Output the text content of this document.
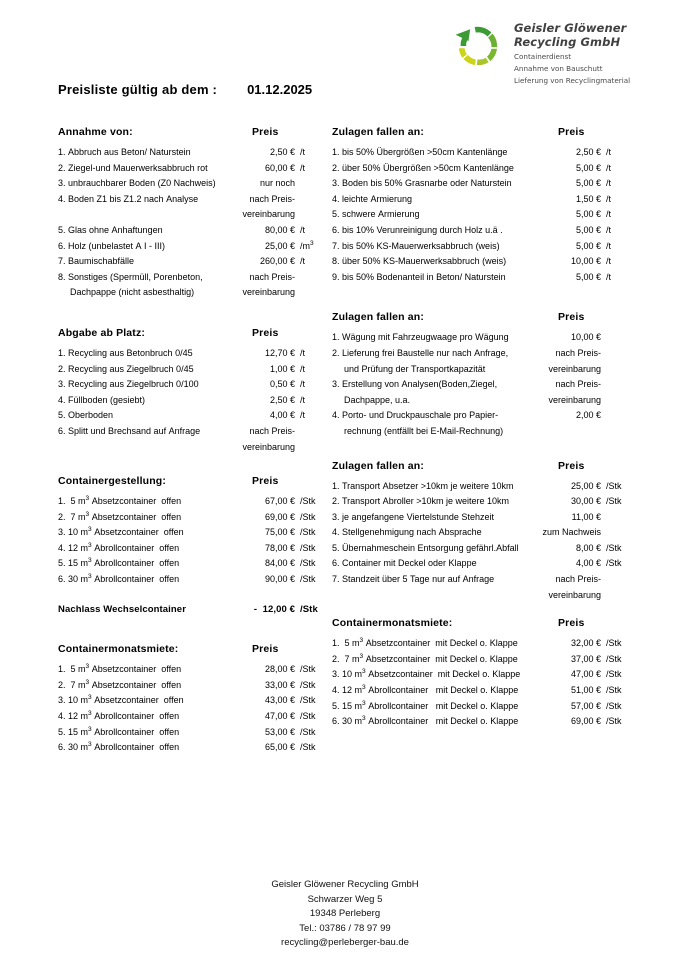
Geisler Glöwener
Recycling GmbH
Containerdienst
Annahme von Bauschutt
Lieferung von Recyclingmaterial
Preisliste gültig ab dem : 01.12.2025
Annahme von:	Preis
1. Abbruch aus Beton/ Naturstein	2,50 € /t
2. Ziegel-und Mauerwerksabbruch rot	60,00 € /t
3. unbrauchbarer Boden (Z0 Nachweis)	nur noch
4. Boden Z1 bis Z1.2 nach Analyse	nach Preis-
vereinbarung
5. Glas ohne Anhaftungen	80,00 € /t
6. Holz (unbelastet A I - III)	25,00 € $/m^3$
7. Baumischabfälle	260,00 € /t
8. Sonstiges (Spermüll, Porenbeton,	nach Preis-
Dachpappe (nicht asbesthaltig)	vereinbarung
Abgabe ab Platz:	Preis
1. Recycling aus Betonbruch 0/45	12,70 € /t
2. Recycling aus Ziegelbruch 0/45	1,00 € /t
3. Recycling aus Ziegelbruch 0/100	0,50 € /t
4. Füllboden (gesiebt)	2,50 € /t
5. Oberboden	4,00 € /t
6. Splitt und Brechsand auf Anfrage	nach Preis-
vereinbarung
Containergestellung:	Preis
1.  5 $m^3$ Absetzcontainer  offen	67,00 € /Stk
2.  7 $m^3$ Absetzcontainer  offen	69,00 € /Stk
3. 10 $m^3$ Absetzcontainer  offen	75,00 € /Stk
4. 12 $m^3$ Abrollcontainer  offen	78,00 € /Stk
5. 15 $m^3$ Abrollcontainer  offen	84,00 € /Stk
6. 30 $m^3$ Abrollcontainer  offen	90,00 € /Stk
Nachlass Wechselcontainer	- 12,00 € /Stk
Containermonatsmiete:	Preis
1.  5 $m^3$ Absetzcontainer  offen	28,00 € /Stk
2.  7 $m^3$ Absetzcontainer  offen	33,00 € /Stk
3. 10 $m^3$ Absetzcontainer  offen	43,00 € /Stk
4. 12 $m^3$ Abrollcontainer  offen	47,00 € /Stk
5. 15 $m^3$ Abrollcontainer  offen	53,00 € /Stk
6. 30 $m^3$ Abrollcontainer  offen	65,00 € /Stk
Zulagen fallen an:	Preis
1. bis 50% Übergrößen >50cm Kantenlänge	2,50 € /t
2. über 50% Übergrößen >50cm Kantenlänge	5,00 € /t
3. Boden bis 50% Grasnarbe oder Naturstein	5,00 € /t
4. leichte Armierung	1,50 € /t
5. schwere Armierung	5,00 € /t
6. bis 10% Verunreinigung durch Holz u.ä .	5,00 € /t
7. bis 50% KS-Mauerwerksabbruch (weis)	5,00 € /t
8. über 50% KS-Mauerwerksabbruch (weis)	10,00 € /t
9. bis 50% Bodenanteil in Beton/ Naturstein	5,00 € /t
Zulagen fallen an:	Preis
1. Wägung mit Fahrzeugwaage pro Wägung	10,00 €
2. Lieferung frei Baustelle nur nach Anfrage,	nach Preis-
und Prüfung der Transportkapazität	vereinbarung
3. Erstellung von Analysen(Boden,Ziegel,	nach Preis-
Dachpappe, u.a.	vereinbarung
4. Porto- und Druckpauschale pro Papier-	2,00 €
rechnung (entfällt bei E-Mail-Rechnung)
Zulagen fallen an:	Preis
1. Transport Absetzer >10km je weitere 10km	25,00 € /Stk
2. Transport Abroller >10km je weitere 10km	30,00 € /Stk
3. je angefangene Viertelstunde Stehzeit	11,00 €
4. Stellgenehmigung nach Absprache	zum Nachweis
5. Übernahmeschein Entsorgung gefährl.Abfall	8,00 € /Stk
6. Container mit Deckel oder Klappe	4,00 € /Stk
7. Standzeit über 5 Tage nur auf Anfrage	nach Preis-
vereinbarung
Containermonatsmiete:	Preis
1.  5 $m^3$ Absetzcontainer  mit Deckel o. Klappe	32,00 € /Stk
2.  7 $m^3$ Absetzcontainer  mit Deckel o. Klappe	37,00 € /Stk
3. 10 $m^3$ Absetzcontainer  mit Deckel o. Klappe	47,00 € /Stk
4. 12 $m^3$ Abrollcontainer   mit Deckel o. Klappe	51,00 € /Stk
5. 15 $m^3$ Abrollcontainer   mit Deckel o. Klappe	57,00 € /Stk
6. 30 $m^3$ Abrollcontainer   mit Deckel o. Klappe	69,00 € /Stk
Geisler Glöwener Recycling GmbH
Schwarzer Weg 5
19348 Perleberg
Tel.: 03786 / 78 97 99
recycling@perleberger-bau.de
